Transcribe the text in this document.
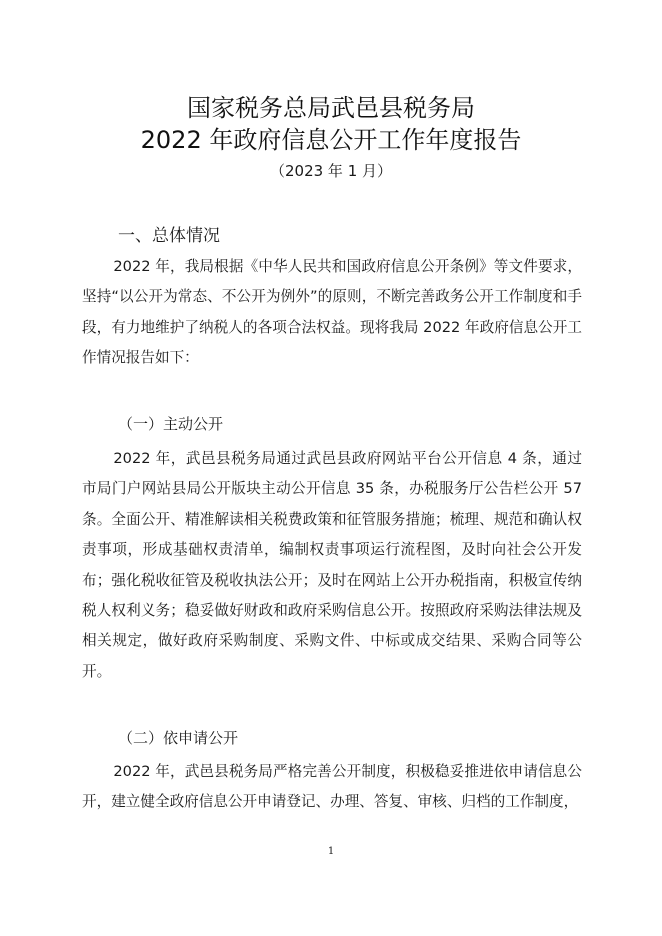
国家税务总局武邑县税务局
2022 年政府信息公开工作年度报告
（2023 年 1 月）
一、总体情况
2022 年，我局根据《中华人民共和国政府信息公开条例》等文件要求，坚持“以公开为常态、不公开为例外”的原则，不断完善政务公开工作制度和手段，有力地维护了纳税人的各项合法权益。现将我局 2022 年政府信息公开工作情况报告如下：
（一）主动公开
2022 年，武邑县税务局通过武邑县政府网站平台公开信息 4 条，通过市局门户网站县局公开版块主动公开信息 35 条，办税服务厅公告栏公开 57 条。全面公开、精准解读相关税费政策和征管服务措施；梳理、规范和确认权责事项，形成基础权责清单，编制权责事项运行流程图，及时向社会公开发布；强化税收征管及税收执法公开；及时在网站上公开办税指南，积极宣传纳税人权利义务；稳妥做好财政和政府采购信息公开。按照政府采购法律法规及相关规定，做好政府采购制度、采购文件、中标或成交结果、采购合同等公开。
（二）依申请公开
2022 年，武邑县税务局严格完善公开制度，积极稳妥推进依申请信息公开，建立健全政府信息公开申请登记、办理、答复、审核、归档的工作制度，
1
